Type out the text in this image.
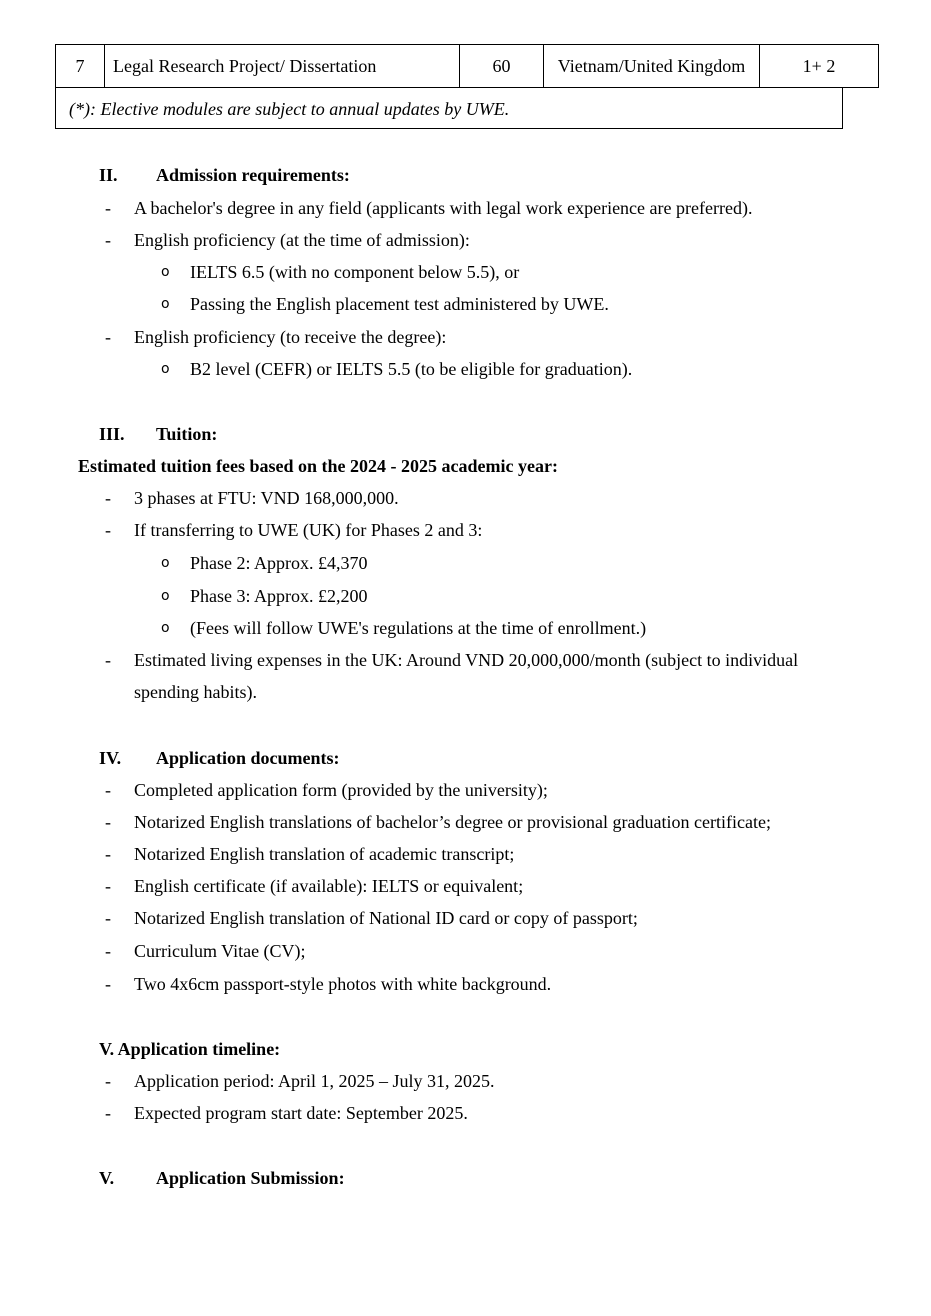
7	Legal Research Project/ Dissertation	60	Vietnam/United Kingdom	1+ 2
(*): Elective modules are subject to annual updates by UWE.
II. Admission requirements:
- A bachelor's degree in any field (applicants with legal work experience are preferred).
- English proficiency (at the time of admission):
o IELTS 6.5 (with no component below 5.5), or
o Passing the English placement test administered by UWE.
- English proficiency (to receive the degree):
o B2 level (CEFR) or IELTS 5.5 (to be eligible for graduation).
III. Tuition:
Estimated tuition fees based on the 2024 - 2025 academic year:
- 3 phases at FTU: VND 168,000,000.
- If transferring to UWE (UK) for Phases 2 and 3:
o Phase 2: Approx. £4,370
o Phase 3: Approx. £2,200
o (Fees will follow UWE's regulations at the time of enrollment.)
- Estimated living expenses in the UK: Around VND 20,000,000/month (subject to individual
spending habits).
IV. Application documents:
- Completed application form (provided by the university);
- Notarized English translations of bachelor’s degree or provisional graduation certificate;
- Notarized English translation of academic transcript;
- English certificate (if available): IELTS or equivalent;
- Notarized English translation of National ID card or copy of passport;
- Curriculum Vitae (CV);
- Two 4x6cm passport-style photos with white background.
V. Application timeline:
- Application period: April 1, 2025 – July 31, 2025.
- Expected program start date: September 2025.
V. Application Submission:
